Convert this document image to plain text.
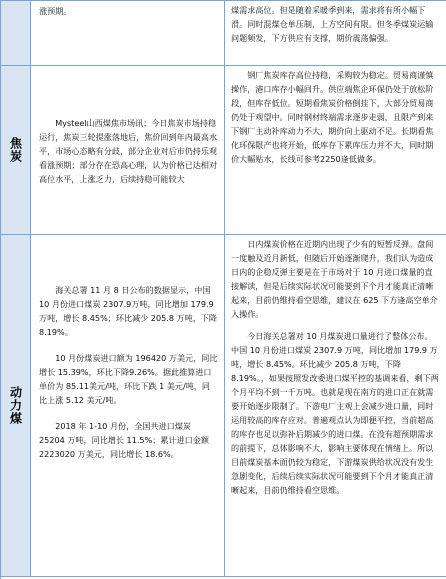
涨预期。	煤需求高位。但是随着采暖季到来，需求将有所小幅下滑。同时混煤仓单压制，上方空间有限。但冬季煤炭运输问题频发，下方供应有支撑，期价震荡偏强。

焦炭

Mysteel山西煤焦市场讯：今日焦炭市场持稳运行，焦炭三轮提涨落地后，焦价回到年内最高水平，市场心态略有分歧，部分企业对后市仍持乐观看涨预期；部分存在恐高心理，认为价格已达相对高位水平，上涨乏力，后续持稳可能较大

钢厂焦炭库存高位持稳，采购较为稳定。贸易商谨慎操作，港口库存小幅回升。供应端焦企环保仍处于放松阶段，但库存低位。短期看焦炭价格倒挂下，大部分贸易商仍处于观望中。同时钢材终端需求逐步走弱，且限产到来下钢厂主动补库动力不大，期价向上驱动不足。长期看焦化环保限产也将开始，低库存下累库压力并不大，同时期价大幅贴水，长线可参考2250逢低做多。

动力煤

海关总署 11 月 8 日公布的数据显示，中国 10 月份进口煤炭 2307.9万吨，同比增加 179.9 万吨，增长 8.45%；环比减少 205.8 万吨，下降8.19%。

10 月份煤炭进口额为 196420 万美元，同比增长 15.39%，环比下降9.26%。据此推算进口单价为 85.11美元/吨，环比下跌 1 美元/吨，同比上涨 5.12 美元/吨。

2018 年 1-10 月份，全国共进口煤炭 25204 万吨，同比增长 11.5%；累计进口金额 2223020 万美元，同比增长 18.6%。

日内煤炭价格在近期内出现了少有的短暂反弹。盘间一度触及近月新低，但随后开始逐渐爬升，我们认为造成日内的企稳反弹主要是在于市场对于 10 月进口煤量的直接解读，但是后续实际状况可能要到下个月才能真正清晰起来，目前仍维持看空思维，建议在 625 下方逢高空单介入操作。

今日海关总署对 10 月煤炭进口量进行了整体公布。中国 10 月份进口煤炭 2307.9 万吨，同比增加 179.9 万吨，增长 8.45%。环比减少 205.8 万吨，下降 8.19%。，如果按照发改委进口煤平控的基调来看，剩下两个月平均不到一千万吨。也就是现在南方的进口正在就需要开始逐步限制了。下游电厂主观上会减少进口量，同时运用较高的库存应对。普遍观点认为即便平控，当前超高的库存也足以弥补后期减少的进口煤。在没有超预期需求的前提下，总体影响不大，影响主要体现在情绪上。所以目前煤炭基本面仍较为稳定，下游煤炭供给状况没有发生急剧变化，后续后续实际状况可能要到下个月才能真正清晰起来，目前仍维持看空思维。
